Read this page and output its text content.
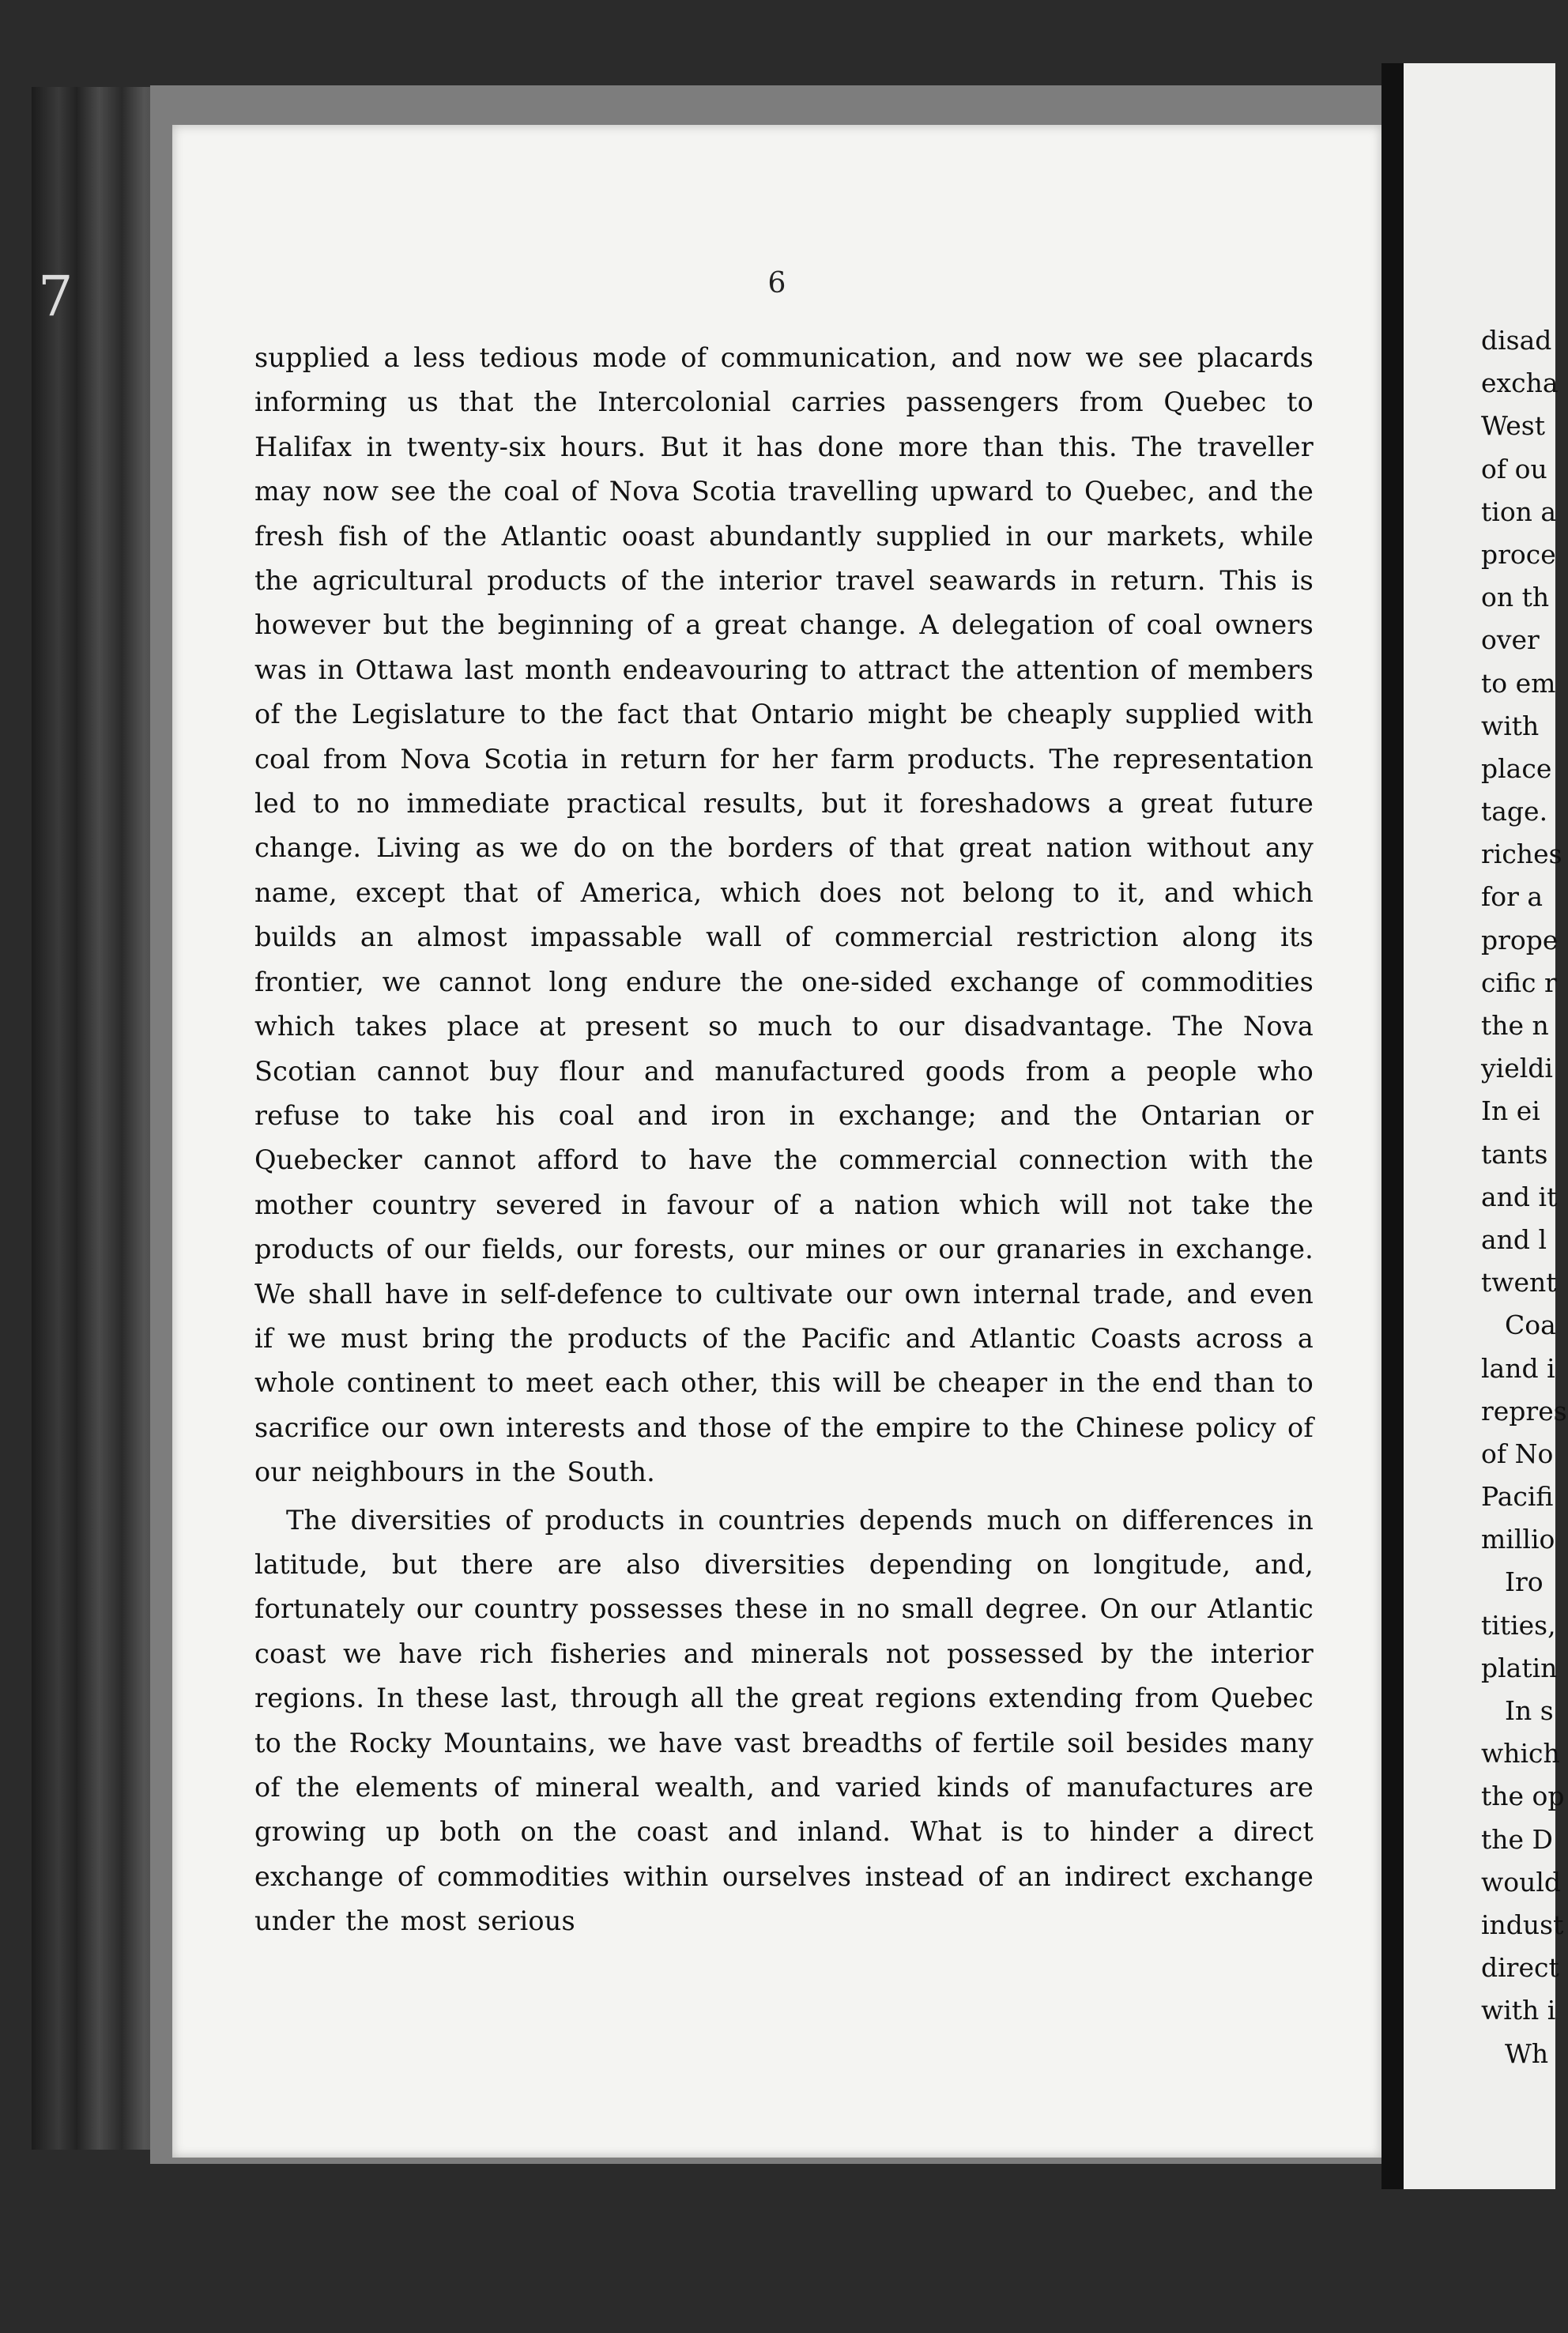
7	6

supplied a less tedious mode of communication, and now we see placards informing us that the Intercolonial carries passengers from Quebec to Halifax in twenty-six hours. But it has done more than this. The traveller may now see the coal of Nova Scotia travelling upward to Quebec, and the fresh fish of the Atlantic ooast abundantly supplied in our markets, while the agricultural products of the interior travel seawards in return. This is however but the beginning of a great change. A delegation of coal owners was in Ottawa last month endeavouring to attract the attention of members of the Legislature to the fact that Ontario might be cheaply supplied with coal from Nova Scotia in return for her farm products. The representation led to no immediate practical results, but it foreshadows a great future change. Living as we do on the borders of that great nation without any name, except that of America, which does not belong to it, and which builds an almost impassable wall of commercial restriction along its frontier, we cannot long endure the one-sided exchange of commodities which takes place at present so much to our disadvantage. The Nova Scotian cannot buy flour and manufactured goods from a people who refuse to take his coal and iron in exchange; and the Ontarian or Quebecker cannot afford to have the commercial connection with the mother country severed in favour of a nation which will not take the products of our fields, our forests, our mines or our granaries in exchange. We shall have in self-defence to cultivate our own internal trade, and even if we must bring the products of the Pacific and Atlantic Coasts across a whole continent to meet each other, this will be cheaper in the end than to sacrifice our own interests and those of the empire to the Chinese policy of our neighbours in the South.

The diversities of products in countries depends much on differences in latitude, but there are also diversities depending on longitude, and, fortunately our country possesses these in no small degree. On our Atlantic coast we have rich fisheries and minerals not possessed by the interior regions. In these last, through all the great regions extending from Quebec to the Rocky Mountains, we have vast breadths of fertile soil besides many of the elements of mineral wealth, and varied kinds of manufactures are growing up both on the coast and inland. What is to hinder a direct exchange of commodities within ourselves instead of an indirect exchange under the most serious

disad
excha
West
of ou
tion a
proce
on th
over
to em
with
place
tage.
riches
for a
prope
cific r
the n
yieldi
In ei
tants
and it
and l
twent
Coa
land i
repres
of No
Pacifi
millio
Iro
tities,
platin
In s
which
the op
the D
would
indust
direct
with i
Wh
